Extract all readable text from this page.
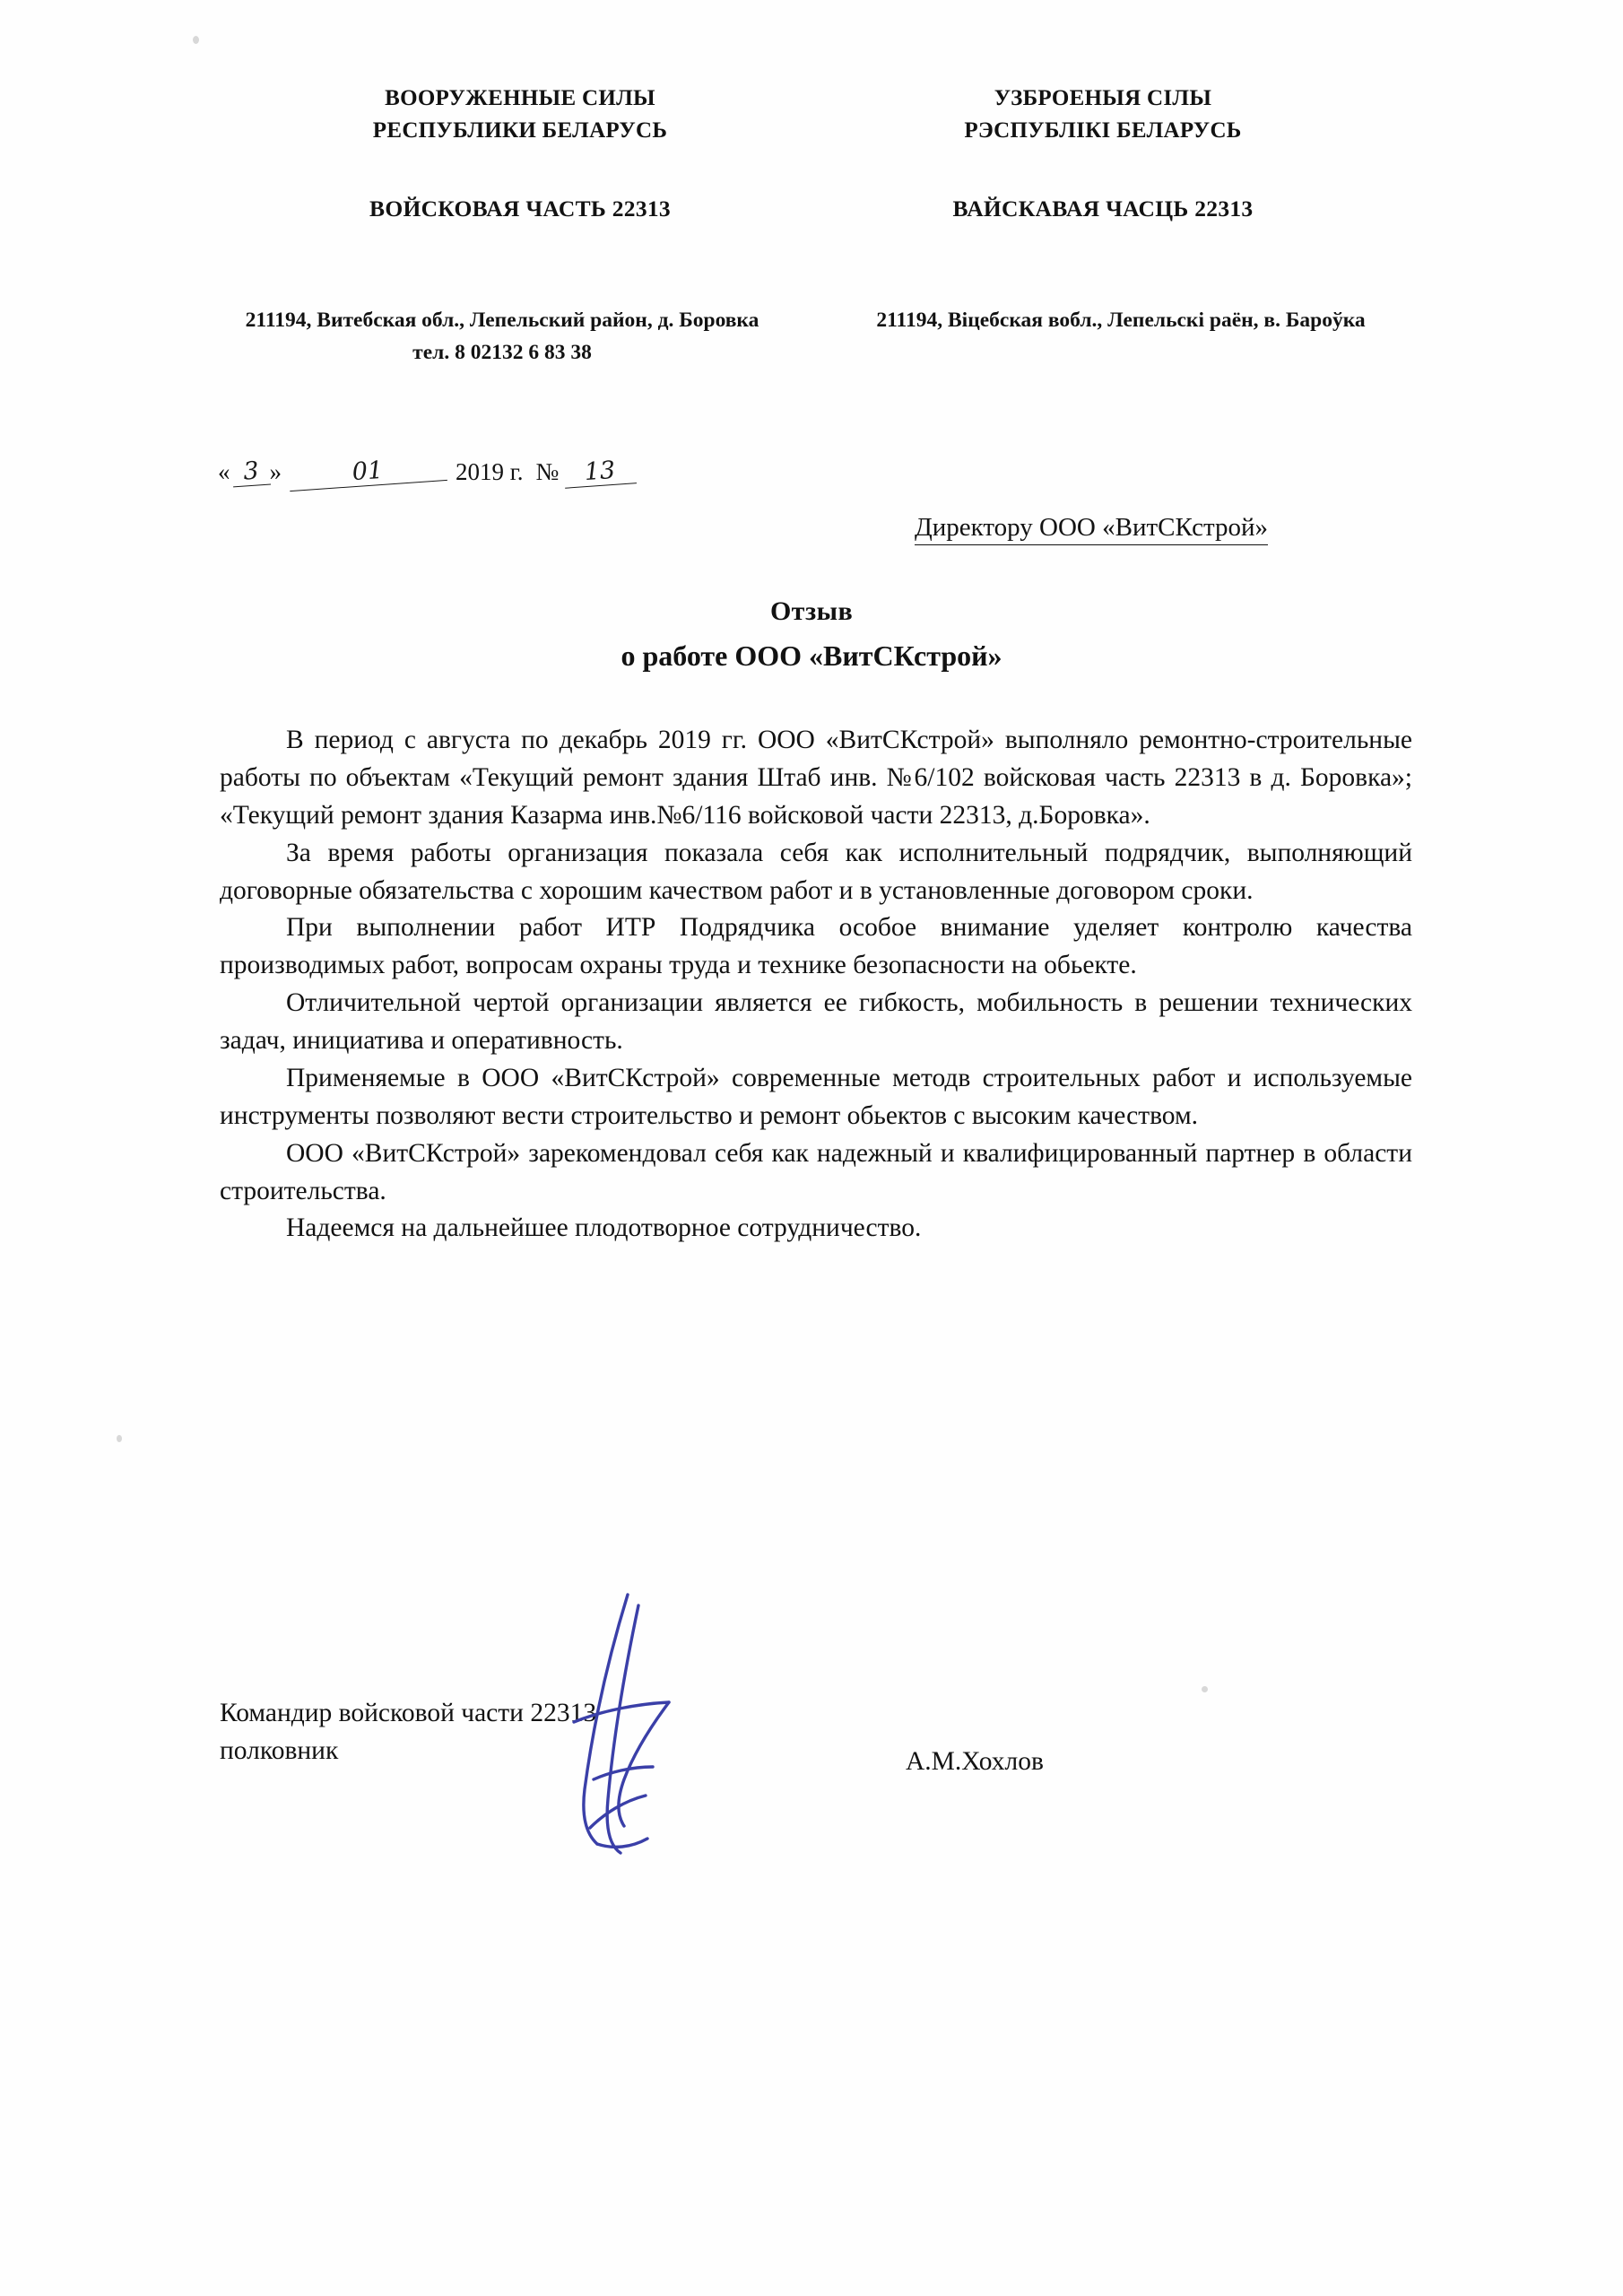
ВООРУЖЕННЫЕ СИЛЫ
РЕСПУБЛИКИ БЕЛАРУСЬ
ВОЙСКОВАЯ ЧАСТЬ 22313
УЗБРОЕНЫЯ СІЛЫ
РЭСПУБЛІКІ БЕЛАРУСЬ
ВАЙСКАВАЯ ЧАСЦЬ 22313
211194, Витебская обл., Лепельский район, д. Боровка
тел. 8 02132 6 83 38
211194, Віцебская вобл., Лепельскі раён, в. Бароўка
« 3 »	01	2019 г. №	13
Директору ООО «ВитСКстрой»
Отзыв
о работе ООО «ВитСКстрой»

В период с августа по декабрь 2019 гг. ООО «ВитСКстрой» выполняло ремонтно-строительные работы по объектам «Текущий ремонт здания Штаб инв. №6/102 войсковая часть 22313 в д. Боровка»; «Текущий ремонт здания Казарма инв.№6/116 войсковой части 22313, д.Боровка».

За время работы организация показала себя как исполнительный подрядчик, выполняющий договорные обязательства с хорошим качеством работ и в установленные договором сроки.

При выполнении работ ИТР Подрядчика особое внимание уделяет контролю качества производимых работ, вопросам охраны труда и технике безопасности на обьекте.

Отличительной чертой организации является ее гибкость, мобильность в решении технических задач, инициатива и оперативность.

Применяемые в ООО «ВитСКстрой» современные методв строительных работ и используемые инструменты позволяют вести строительство и ремонт обьектов с высоким качеством.

ООО «ВитСКстрой» зарекомендовал себя как надежный и квалифицированный партнер в области строительства.

Надеемся на дальнейшее плодотворное сотрудничество.

Командир войсковой части 22313
полковник	А.М.Хохлов
